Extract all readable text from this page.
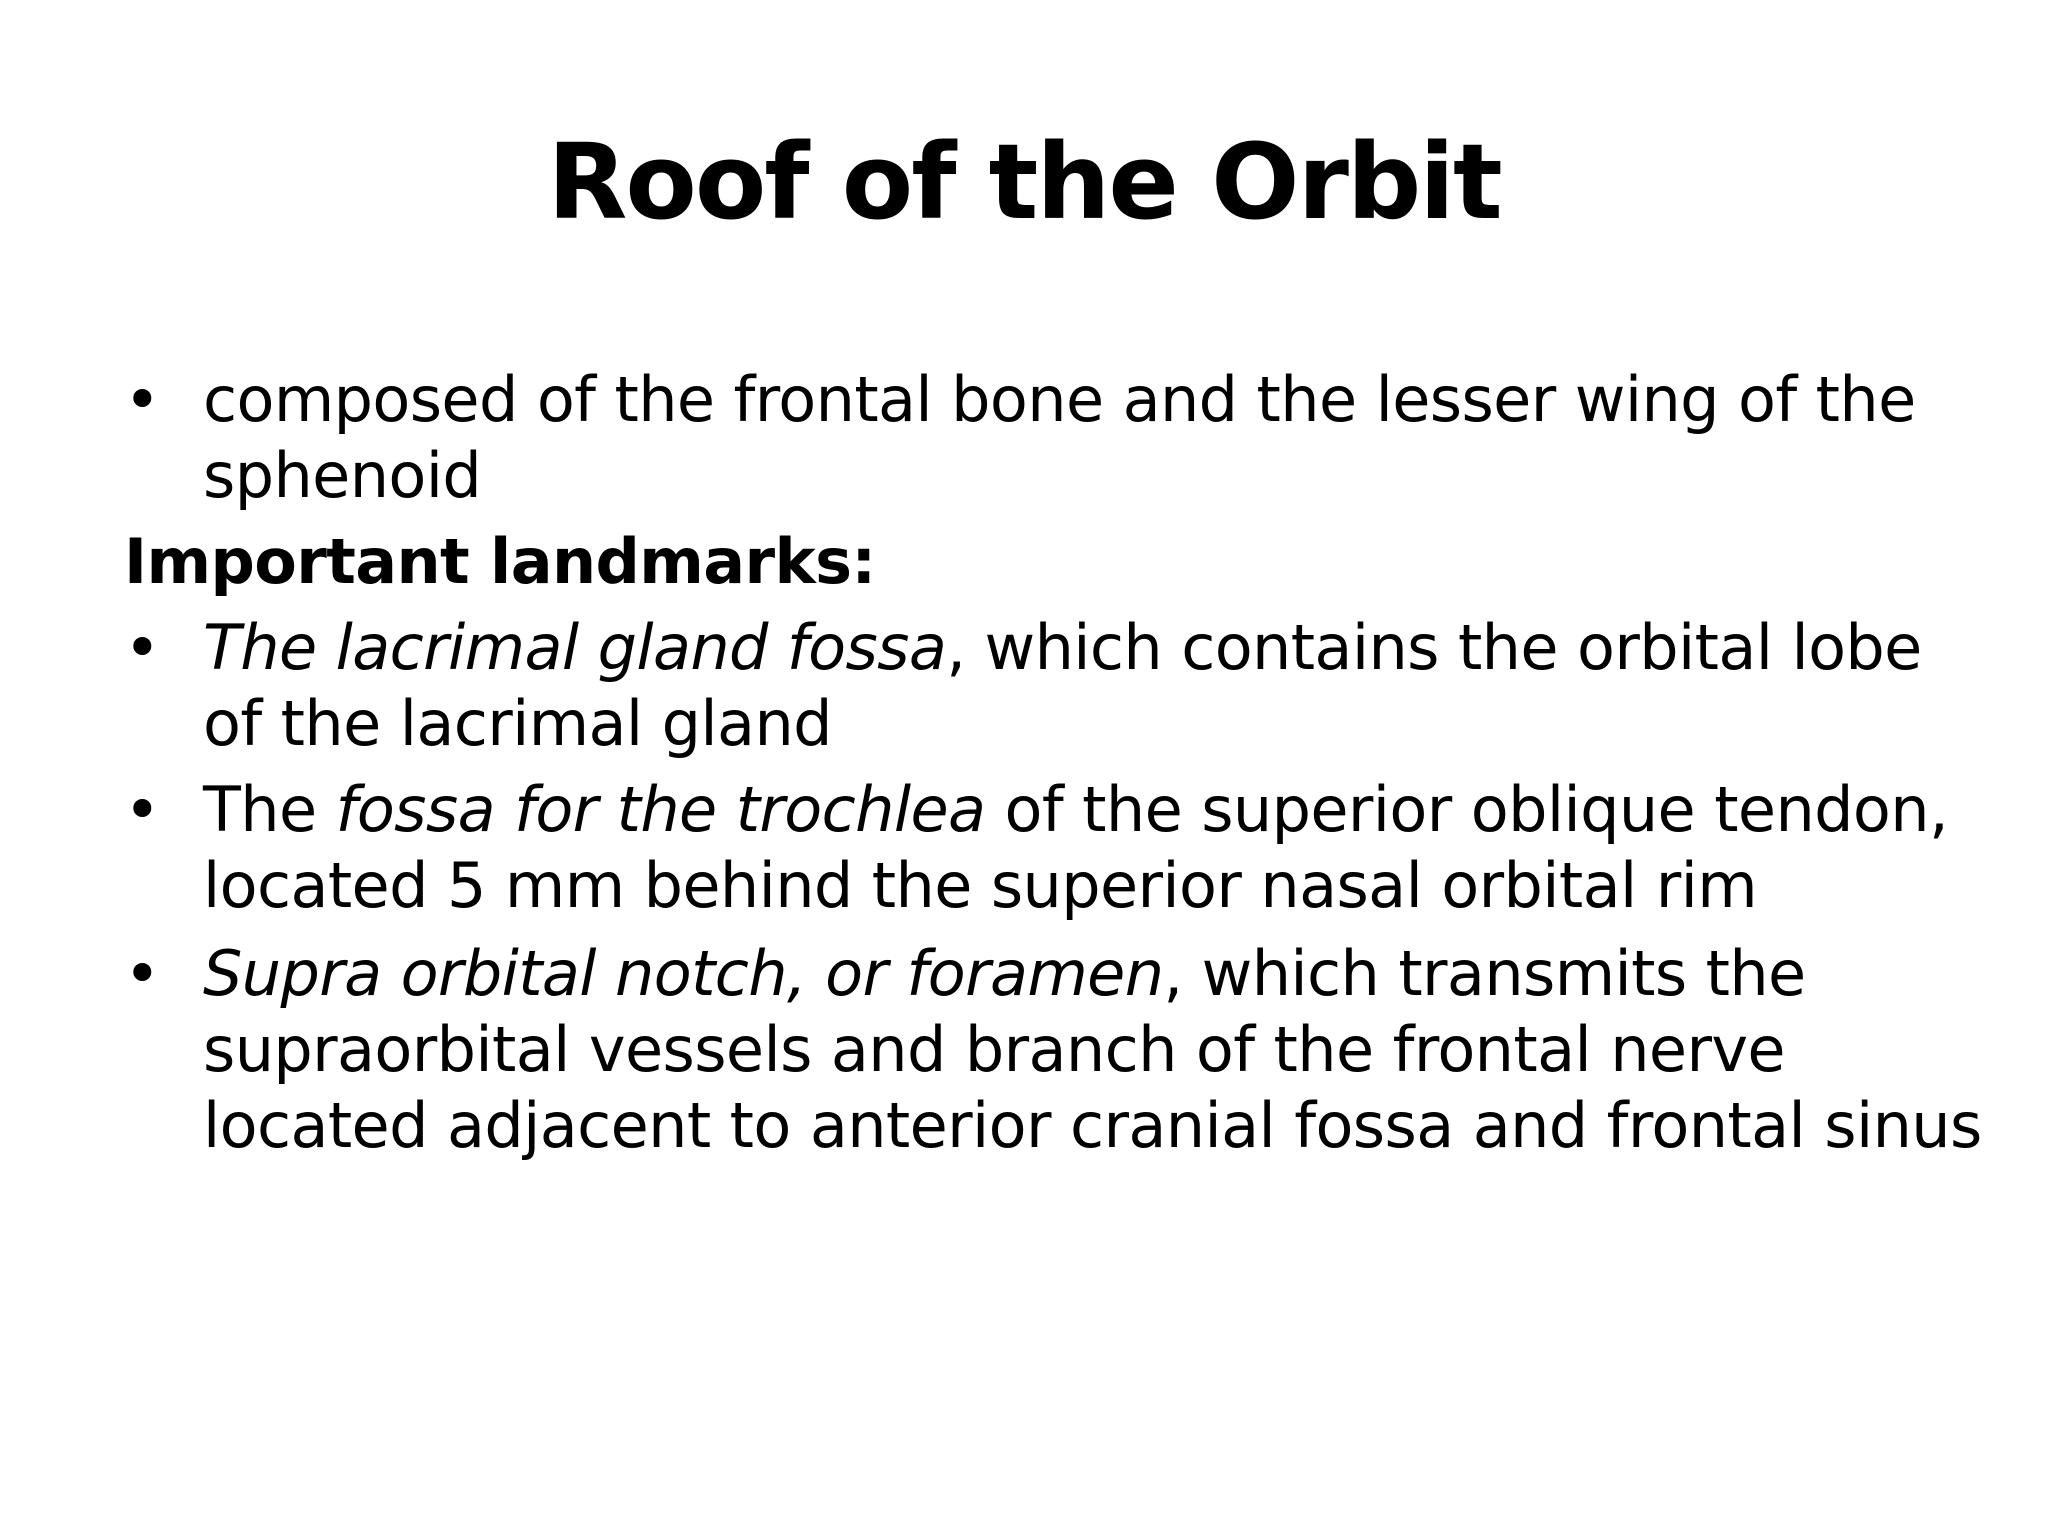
Roof of the Orbit
• composed of the frontal bone and the lesser wing of the sphenoid
Important landmarks:
• The lacrimal gland fossa, which contains the orbital lobe of the lacrimal gland
• The fossa for the trochlea of the superior oblique tendon, located 5 mm behind the superior nasal orbital rim
• Supra orbital notch, or foramen, which transmits the supraorbital vessels and branch of the frontal nerve located adjacent to anterior cranial fossa and frontal sinus
